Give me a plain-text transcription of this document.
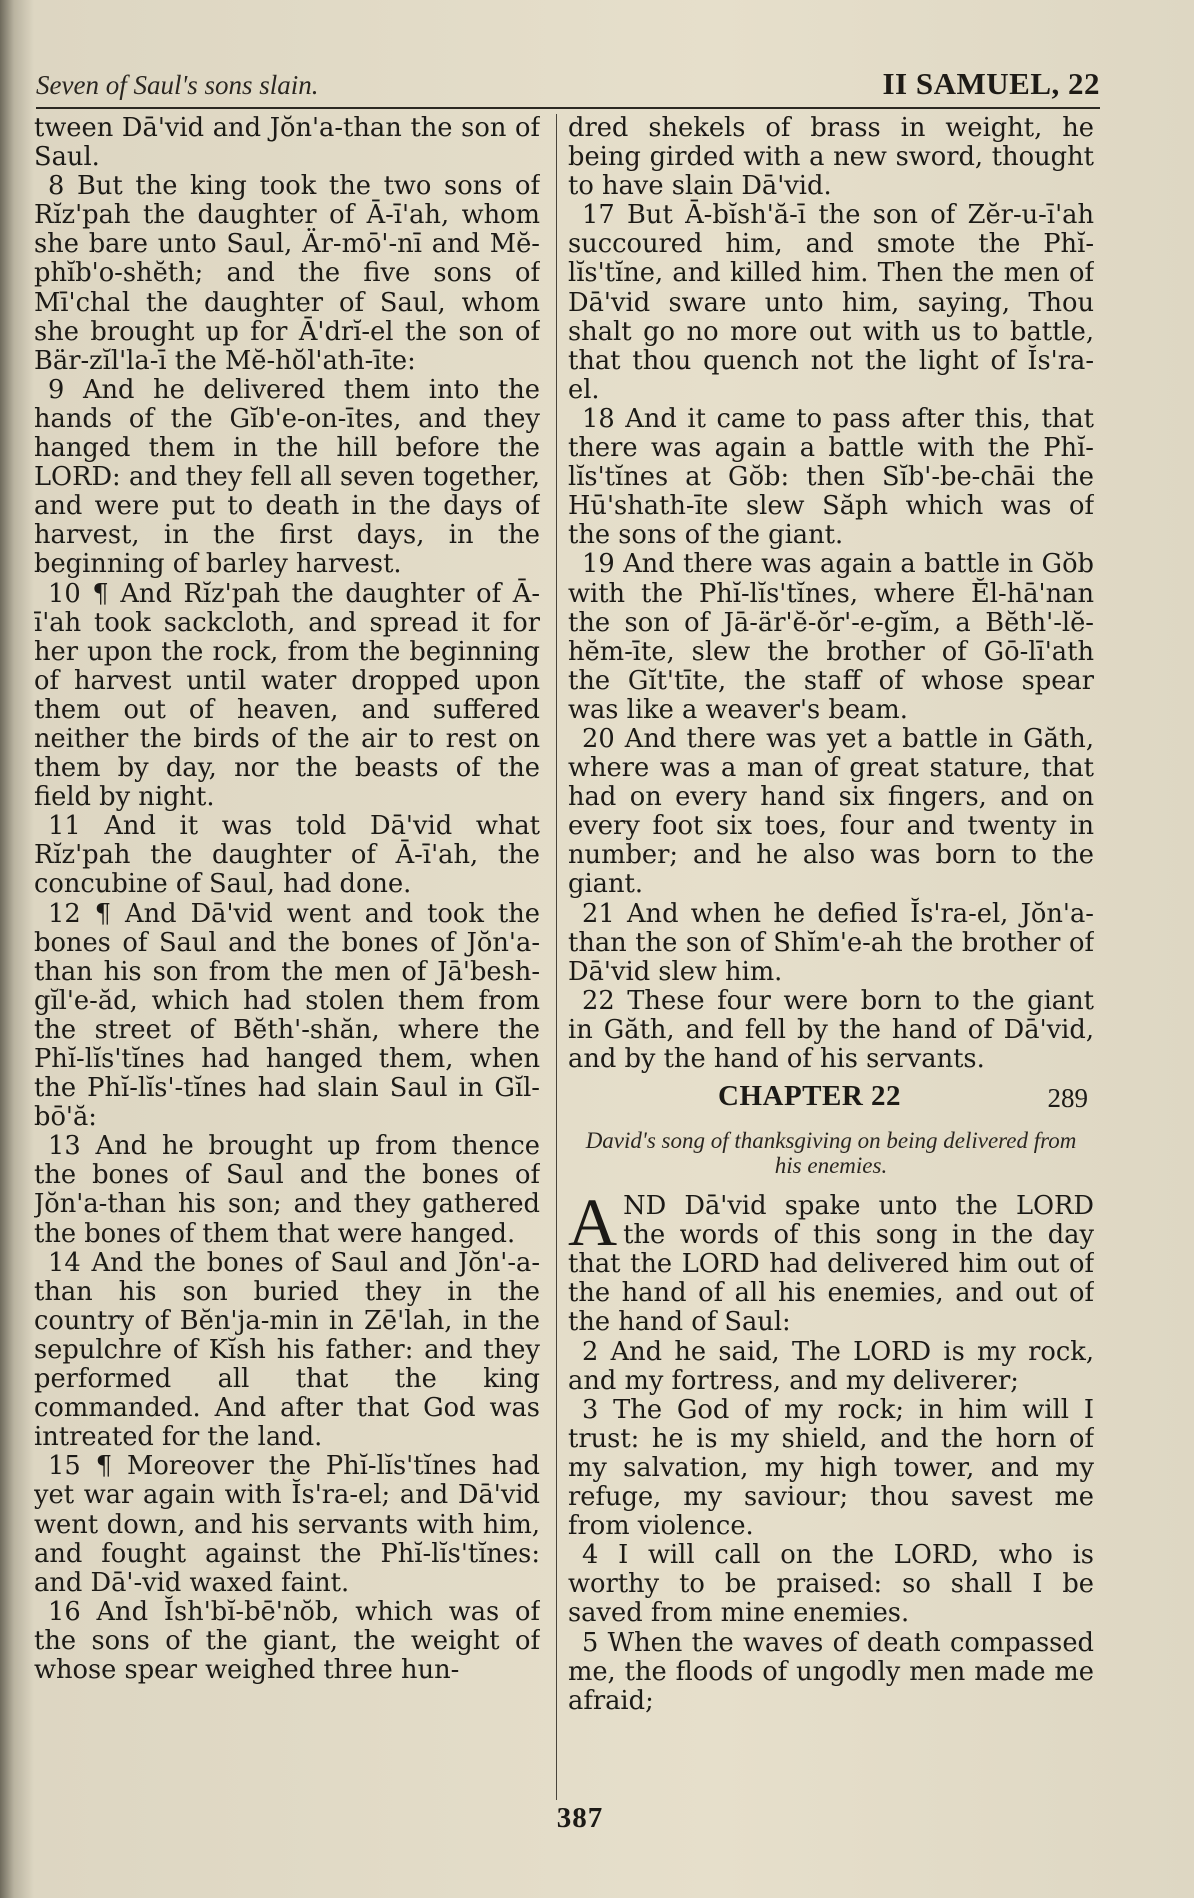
Seven of Saul's sons slain.	II SAMUEL, 22

tween Dā'vid and Jŏn'a-than the son of Saul.

8 But the king took the two sons of Rĭz'pah the daughter of Ā-ī'ah, whom she bare unto Saul, Är-mō'-nī and Mĕ-phĭb'o-shĕth; and the five sons of Mī'chal the daughter of Saul, whom she brought up for Ā'drĭ-el the son of Bär-zĭl'la-ī the Mĕ-hŏl'ath-īte:

9 And he delivered them into the hands of the Gĭb'e-on-ītes, and they hanged them in the hill before the LORD: and they fell all seven together, and were put to death in the days of harvest, in the first days, in the beginning of barley harvest.

10 ¶ And Rĭz'pah the daughter of Ā-ī'ah took sackcloth, and spread it for her upon the rock, from the beginning of harvest until water dropped upon them out of heaven, and suffered neither the birds of the air to rest on them by day, nor the beasts of the field by night.

11 And it was told Dā'vid what Rĭz'pah the daughter of Ā-ī'ah, the concubine of Saul, had done.

12 ¶ And Dā'vid went and took the bones of Saul and the bones of Jŏn'a-than his son from the men of Jā'besh-gĭl'e-ăd, which had stolen them from the street of Bĕth'-shăn, where the Phĭ-lĭs'tĭnes had hanged them, when the Phĭ-lĭs'-tĭnes had slain Saul in Gĭl-bō'ă:

13 And he brought up from thence the bones of Saul and the bones of Jŏn'a-than his son; and they gathered the bones of them that were hanged.

14 And the bones of Saul and Jŏn'-a-than his son buried they in the country of Bĕn'ja-min in Zē'lah, in the sepulchre of Kĭsh his father: and they performed all that the king commanded. And after that God was intreated for the land.

15 ¶ Moreover the Phĭ-lĭs'tĭnes had yet war again with Ĭs'ra-el; and Dā'vid went down, and his servants with him, and fought against the Phĭ-lĭs'tĭnes: and Dā'-vid waxed faint.

16 And Ĭsh'bĭ-bē'nŏb, which was of the sons of the giant, the weight of whose spear weighed three hun-

dred shekels of brass in weight, he being girded with a new sword, thought to have slain Dā'vid.

17 But Ā-bĭsh'ă-ī the son of Zĕr-u-ī'ah succoured him, and smote the Phĭ-lĭs'tĭne, and killed him. Then the men of Dā'vid sware unto him, saying, Thou shalt go no more out with us to battle, that thou quench not the light of Ĭs'ra-el.

18 And it came to pass after this, that there was again a battle with the Phĭ-lĭs'tĭnes at Gŏb: then Sĭb'-be-chāi the Hū'shath-īte slew Săph which was of the sons of the giant.

19 And there was again a battle in Gŏb with the Phĭ-lĭs'tĭnes, where Ĕl-hā'nan the son of Jā-är'ĕ-ŏr'-e-gĭm, a Bĕth'-lĕ-hĕm-īte, slew the brother of Gō-lī'ath the Gĭt'tīte, the staff of whose spear was like a weaver's beam.

20 And there was yet a battle in Găth, where was a man of great stature, that had on every hand six fingers, and on every foot six toes, four and twenty in number; and he also was born to the giant.

21 And when he defied Ĭs'ra-el, Jŏn'a-than the son of Shĭm'e-ah the brother of Dā'vid slew him.

22 These four were born to the giant in Găth, and fell by the hand of Dā'vid, and by the hand of his servants.

CHAPTER 22	289
David's song of thanksgiving on being delivered from his enemies.

AND Dā'vid spake unto the LORD the words of this song in the day that the LORD had delivered him out of the hand of all his enemies, and out of the hand of Saul:

2 And he said, The LORD is my rock, and my fortress, and my deliverer;

3 The God of my rock; in him will I trust: he is my shield, and the horn of my salvation, my high tower, and my refuge, my saviour; thou savest me from violence.

4 I will call on the LORD, who is worthy to be praised: so shall I be saved from mine enemies.

5 When the waves of death compassed me, the floods of ungodly men made me afraid;

387
